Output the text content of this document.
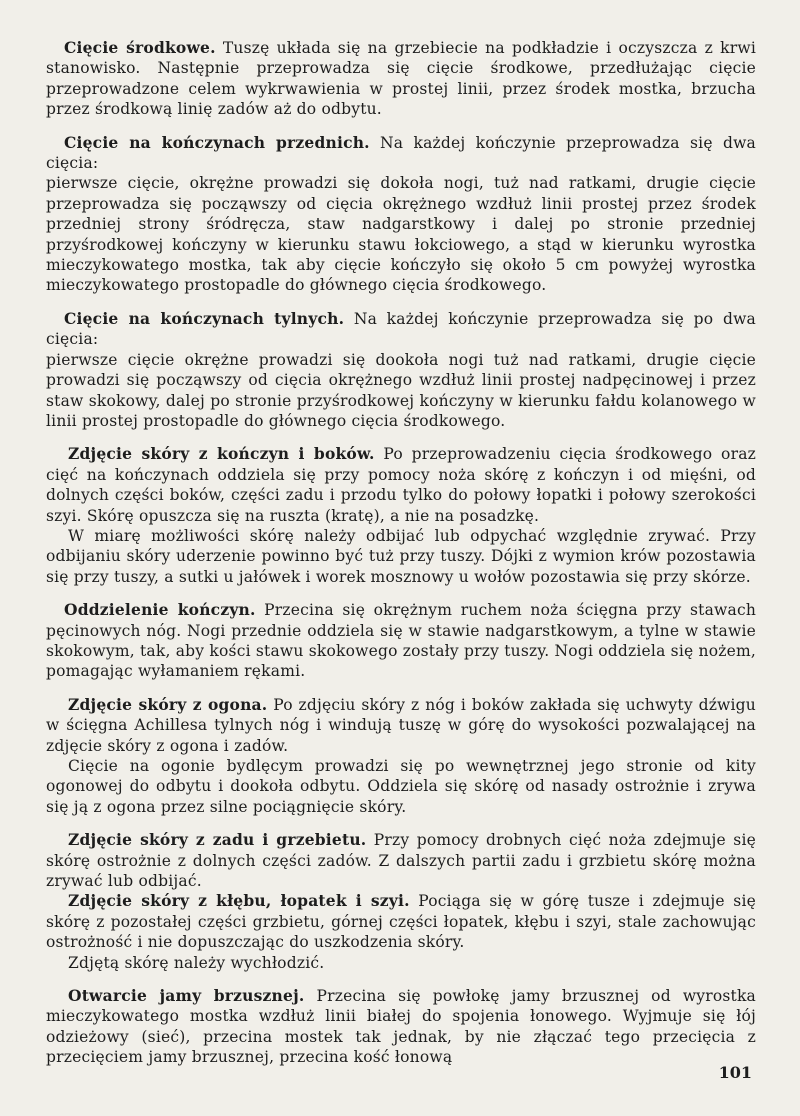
Cięcie środkowe. Tuszę układa się na grzebiecie na podkładzie i oczyszcza z krwi stanowisko. Następnie przeprowadza się cięcie środkowe, przedłużając cięcie przeprowadzone celem wykrwawienia w prostej linii, przez środek mostka, brzucha przez środkową linię zadów aż do odbytu.

Cięcie na kończynach przednich. Na każdej kończynie przeprowadza się dwa cięcia:

pierwsze cięcie, okrężne prowadzi się dokoła nogi, tuż nad ratkami, drugie cięcie przeprowadza się począwszy od cięcia okrężnego wzdłuż linii prostej przez środek przedniej strony śródręcza, staw nadgarstkowy i dalej po stronie przedniej przyśrodkowej kończyny w kierunku stawu łokciowego, a stąd w kierunku wyrostka mieczykowatego mostka, tak aby cięcie kończyło się około 5 cm powyżej wyrostka mieczykowatego prostopadle do głównego cięcia środkowego.

Cięcie na kończynach tylnych. Na każdej kończynie przeprowadza się po dwa cięcia:

pierwsze cięcie okrężne prowadzi się dookoła nogi tuż nad ratkami, drugie cięcie prowadzi się począwszy od cięcia okrężnego wzdłuż linii prostej nadpęcinowej i przez staw skokowy, dalej po stronie przyśrodkowej kończyny w kierunku fałdu kolanowego w linii prostej prostopadle do głównego cięcia środkowego.

Zdjęcie skóry z kończyn i boków. Po przeprowadzeniu cięcia środkowego oraz cięć na kończynach oddziela się przy pomocy noża skórę z kończyn i od mięśni, od dolnych części boków, części zadu i przodu tylko do połowy łopatki i połowy szerokości szyi. Skórę opuszcza się na ruszta (kratę), a nie na posadzkę.

W miarę możliwości skórę należy odbijać lub odpychać względnie zrywać. Przy odbijaniu skóry uderzenie powinno być tuż przy tuszy. Dójki z wymion krów pozostawia się przy tuszy, a sutki u jałówek i worek mosznowy u wołów pozostawia się przy skórze.

Oddzielenie kończyn. Przecina się okrężnym ruchem noża ścięgna przy stawach pęcinowych nóg. Nogi przednie oddziela się w stawie nadgarstkowym, a tylne w stawie skokowym, tak, aby kości stawu skokowego zostały przy tuszy. Nogi oddziela się nożem, pomagając wyłamaniem rękami.

Zdjęcie skóry z ogona. Po zdjęciu skóry z nóg i boków zakłada się uchwyty dźwigu w ścięgna Achillesa tylnych nóg i windują tuszę w górę do wysokości pozwalającej na zdjęcie skóry z ogona i zadów.

Cięcie na ogonie bydlęcym prowadzi się po wewnętrznej jego stronie od kity ogonowej do odbytu i dookoła odbytu. Oddziela się skórę od nasady ostrożnie i zrywa się ją z ogona przez silne pociągnięcie skóry.

Zdjęcie skóry z zadu i grzebietu. Przy pomocy drobnych cięć noża zdejmuje się skórę ostrożnie z dolnych części zadów. Z dalszych partii zadu i grzbietu skórę można zrywać lub odbijać.

Zdjęcie skóry z kłębu, łopatek i szyi. Pociąga się w górę tusze i zdejmuje się skórę z pozostałej części grzbietu, górnej części łopatek, kłębu i szyi, stale zachowując ostrożność i nie dopuszczając do uszkodzenia skóry.

Zdjętą skórę należy wychłodzić.

Otwarcie jamy brzusznej. Przecina się powłokę jamy brzusznej od wyrostka mieczykowatego mostka wzdłuż linii białej do spojenia łonowego. Wyjmuje się łój odzieżowy (sieć), przecina mostek tak jednak, by nie złączać tego przecięcia z przecięciem jamy brzusznej, przecina kość łonową

101
